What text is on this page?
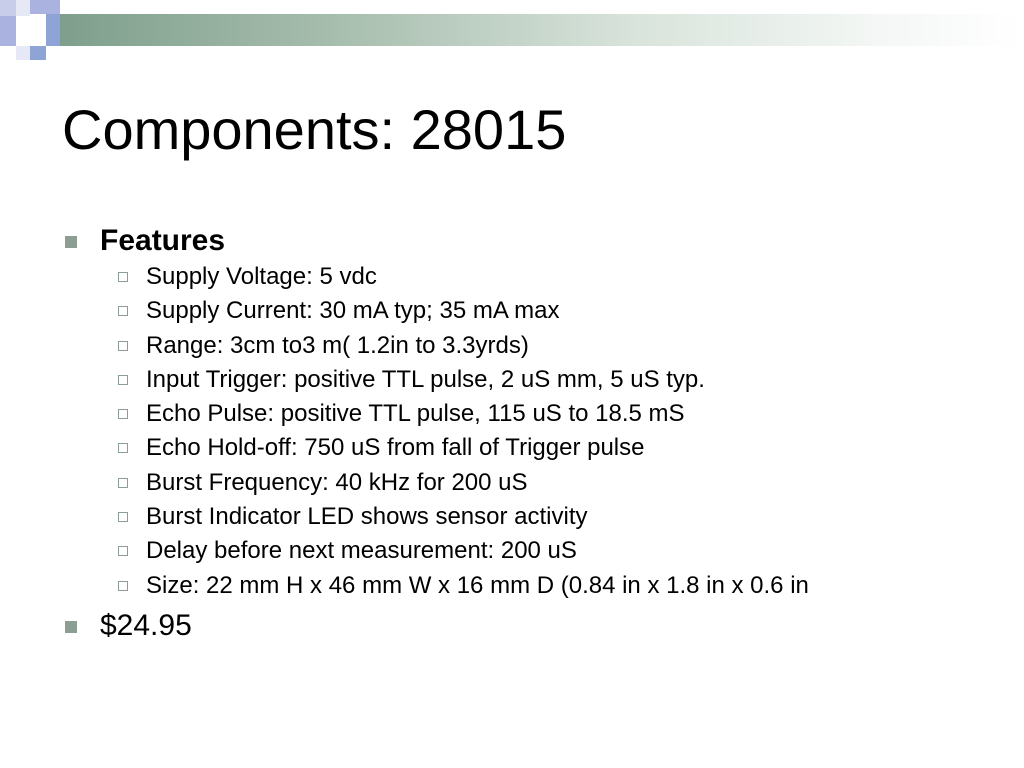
Components: 28015
Features
Supply Voltage: 5 vdc
Supply Current: 30 mA typ; 35 mA max
Range: 3cm to3 m( 1.2in to 3.3yrds)
Input Trigger: positive TTL pulse, 2 uS mm, 5 uS typ.
Echo Pulse: positive TTL pulse, 115 uS to 18.5 mS
Echo Hold-off: 750 uS from fall of Trigger pulse
Burst Frequency: 40 kHz for 200 uS
Burst Indicator LED shows sensor activity
Delay before next measurement: 200 uS
Size: 22 mm H x 46 mm W x 16 mm D (0.84 in x 1.8 in x 0.6 in
$24.95
